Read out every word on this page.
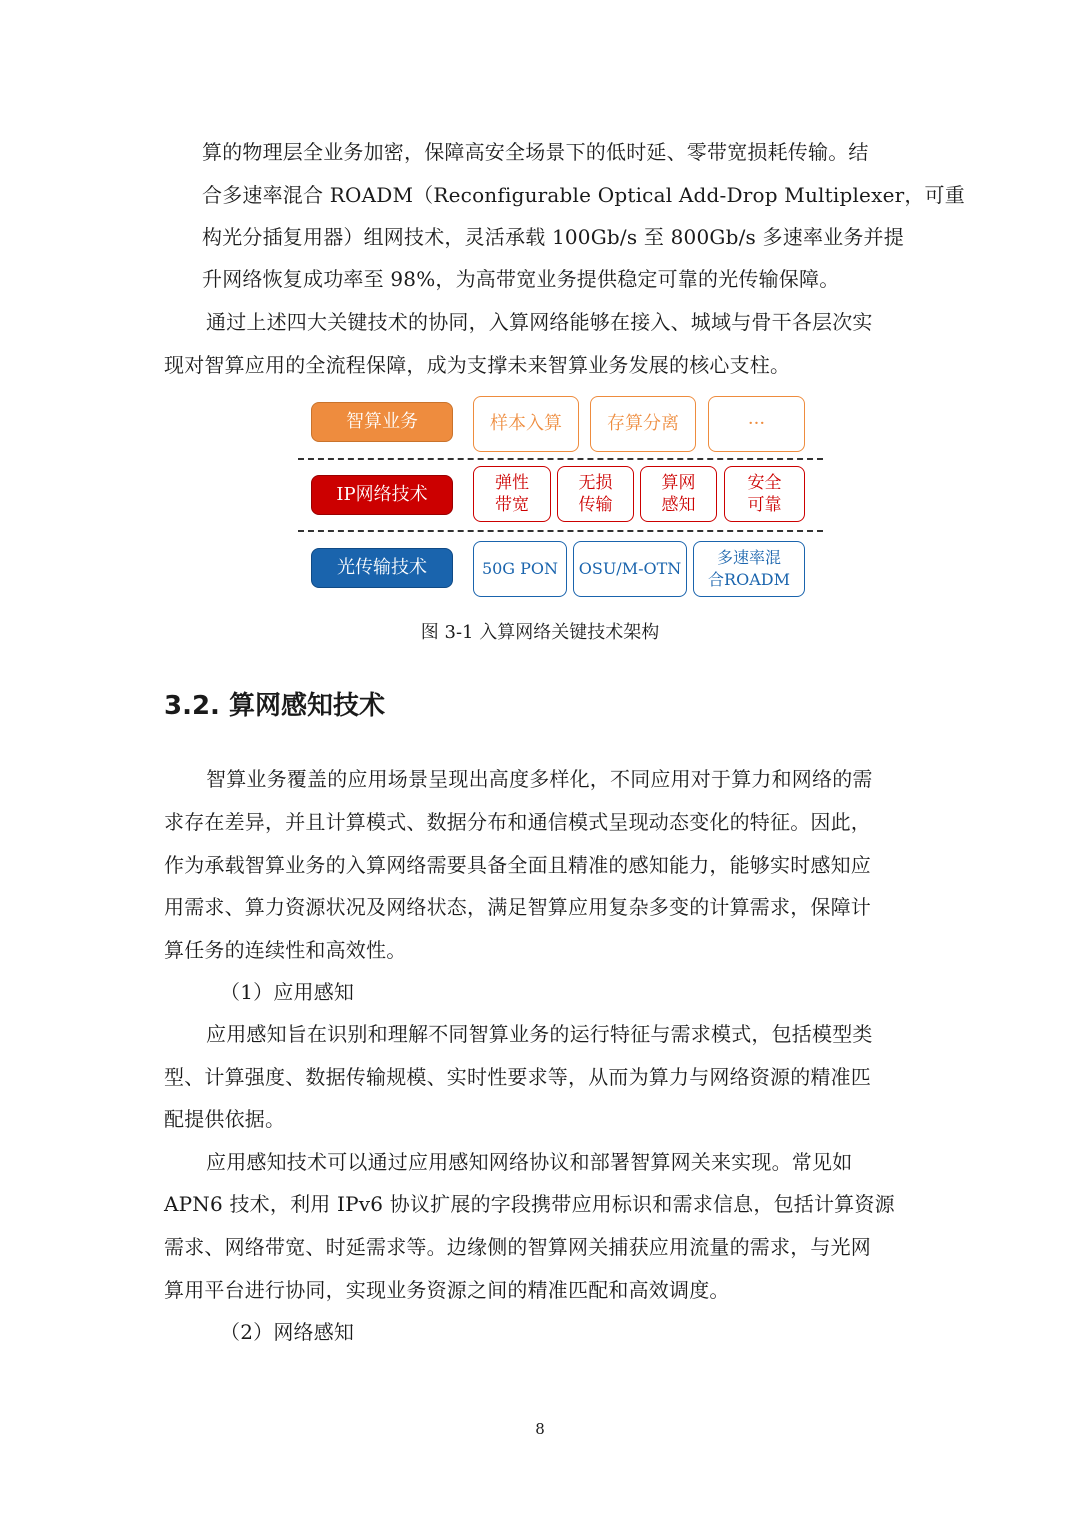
算的物理层全业务加密，保障高安全场景下的低时延、零带宽损耗传输。结
合多速率混合 ROADM（Reconfigurable Optical Add-Drop Multiplexer，可重
构光分插复用器）组网技术，灵活承载 100Gb/s 至 800Gb/s 多速率业务并提
升网络恢复成功率至 98%，为高带宽业务提供稳定可靠的光传输保障。
通过上述四大关键技术的协同，入算网络能够在接入、城域与骨干各层次实
现对智算应用的全流程保障，成为支撑未来智算业务发展的核心支柱。
智算业务	样本入算	存算分离	···
IP网络技术
弹性
带宽
无损
传输
算网
感知
安全
可靠
光传输技术	50G PON	OSU/M-OTN
多速率混
合ROADM
图 3-1 入算网络关键技术架构
3.2. 算网感知技术
智算业务覆盖的应用场景呈现出高度多样化，不同应用对于算力和网络的需
求存在差异，并且计算模式、数据分布和通信模式呈现动态变化的特征。因此，
作为承载智算业务的入算网络需要具备全面且精准的感知能力，能够实时感知应
用需求、算力资源状况及网络状态，满足智算应用复杂多变的计算需求，保障计
算任务的连续性和高效性。
（1）应用感知
应用感知旨在识别和理解不同智算业务的运行特征与需求模式，包括模型类
型、计算强度、数据传输规模、实时性要求等，从而为算力与网络资源的精准匹
配提供依据。
应用感知技术可以通过应用感知网络协议和部署智算网关来实现。常见如
APN6 技术，利用 IPv6 协议扩展的字段携带应用标识和需求信息，包括计算资源
需求、网络带宽、时延需求等。边缘侧的智算网关捕获应用流量的需求，与光网
算用平台进行协同，实现业务资源之间的精准匹配和高效调度。
（2）网络感知
8
